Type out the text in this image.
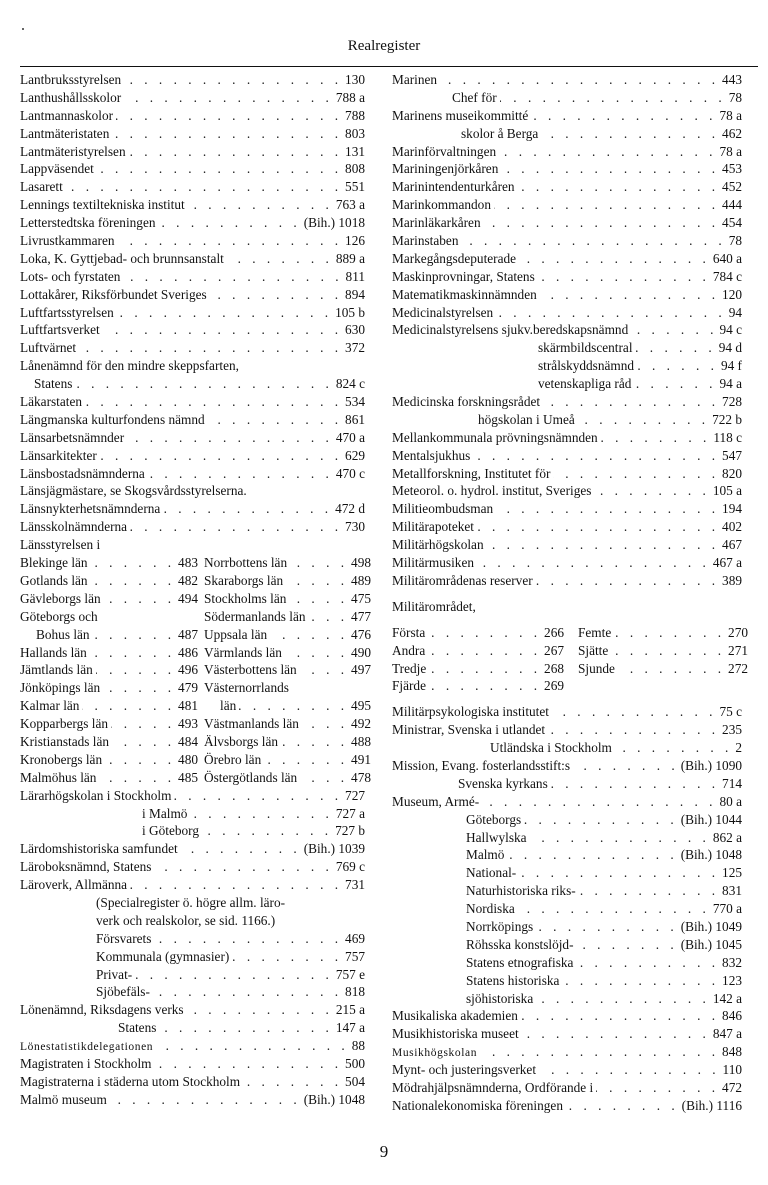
Realregister
Lantbruksstyrelsen . . .	130
Lanthushållsskolor . . .	788 a
Lantmannaskolor . . .	788
Lantmäteristaten . . .	803
Lantmäteristyrelsen . . .	131
Lappväsendet . . .	808
Lasarett . . .	551
Lennings textiltekniska institut . . .	763 a
Letterstedtska föreningen . . .	(Bih.) 1018
Livrustkammaren . . .	126
Loka, K. Gyttjebad- och brunnsanstalt . . .	889 a
Lots- och fyrstaten . . .	811
Lottakårer, Riksförbundet Sveriges . . .	894
Luftfartsstyrelsen . . .	105 b
Luftfartsverket . . .	630
Luftvärnet . . .	372
Lånenämnd för den mindre skeppsfarten,
Statens . . .	824 c
Läkarstaten . . .	534
Längmanska kulturfondens nämnd . . .	861
Länsarbetsnämnder . . .	470 a
Länsarkitekter . . .	629
Länsbostadsnämnderna . . .	470 c
Länsjägmästare, se Skogsvårdsstyrelserna.
Länsnykterhetsnämnderna . . .	472 d
Länsskolnämnderna . . .	730
Länsstyrelsen i
Blekinge län . . .	483
Gotlands län . . .	482
Gävleborgs län . . .	494
Göteborgs och
Bohus län . . .	487
Hallands län . . .	486
Jämtlands län . . .	496
Jönköpings län . . .	479
Kalmar län . . .	481
Kopparbergs län . . .	493
Kristianstads län . . .	484
Kronobergs län . . .	480
Malmöhus län . . .	485
Norrbottens län . . .	498
Skaraborgs län . . .	489
Stockholms län . . .	475
Södermanlands län . . .	477
Uppsala län . . .	476
Värmlands län . . .	490
Västerbottens län . . .	497
Västernorrlands
län . . .	495
Västmanlands län . . .	492
Älvsborgs län . . .	488
Örebro län . . .	491
Östergötlands län . . .	478
Lärarhögskolan i Stockholm . . .	727
i Malmö . . .	727 a
i Göteborg . . .	727 b
Lärdomshistoriska samfundet . . .	(Bih.) 1039
Läroboksnämnd, Statens . . .	769 c
Läroverk, Allmänna . . .	731
(Specialregister ö. högre allm. läro-
verk och realskolor, se sid. 1166.)
Försvarets . . .	469
Kommunala (gymnasier) . . .	757
Privat- . . .	757 e
Sjöbefäls- . . .	818
Lönenämnd, Riksdagens verks . . .	215 a
Statens . . .	147 a
Lönestatistikdelegationen . . .	88
Magistraten i Stockholm . . .	500
Magistraterna i städerna utom Stockholm . . .	504
Malmö museum . . .	(Bih.) 1048
Marinen . . .	443
Chef för . . .	78
Marinens museikommitté . . .	78 a
skolor å Berga . . .	462
Marinförvaltningen . . .	78 a
Mariningenjörkåren . . .	453
Marinintendenturkåren . . .	452
Marinkommandon . . .	444
Marinläkarkåren . . .	454
Marinstaben . . .	78
Markegångsdeputerade . . .	640 a
Maskinprovningar, Statens . . .	784 c
Matematikmaskinnämnden . . .	120
Medicinalstyrelsen . . .	94
Medicinalstyrelsens sjukv.beredskapsnämnd . . .	94 c
skärmbildscentral . . .	94 d
strålskyddsnämnd . . .	94 f
vetenskapliga råd . . .	94 a
Medicinska forskningsrådet . . .	728
högskolan i Umeå . . .	722 b
Mellankommunala prövningsnämnden . . .	118 c
Mentalsjukhus . . .	547
Metallforskning, Institutet för . . .	820
Meteorol. o. hydrol. institut, Sveriges . . .	105 a
Militieombudsman . . .	194
Militärapoteket . . .	402
Militärhögskolan . . .	467
Militärmusiken . . .	467 a
Militärområdenas reserver . . .	389
Militärområdet,
Första . . .	266
Andra . . .	267
Tredje . . .	268
Fjärde . . .	269
Femte . . .	270
Sjätte . . .	271
Sjunde . . .	272
Militärpsykologiska institutet . . .	75 c
Ministrar, Svenska i utlandet . . .	235
Utländska i Stockholm . . .	2
Mission, Evang. fosterlandsstift:s . . .	(Bih.) 1090
Svenska kyrkans . . .	714
Museum, Armé- . . .	80 a
Göteborgs . . .	(Bih.) 1044
Hallwylska . . .	862 a
Malmö . . .	(Bih.) 1048
National- . . .	125
Naturhistoriska riks- . . .	831
Nordiska . . .	770 a
Norrköpings . . .	(Bih.) 1049
Röhsska konstslöjd- . . .	(Bih.) 1045
Statens etnografiska . . .	832
Statens historiska . . .	123
sjöhistoriska . . .	142 a
Musikaliska akademien . . .	846
Musikhistoriska museet . . .	847 a
Musikhögskolan . . .	848
Mynt- och justeringsverket . . .	110
Mödrahjälpsnämnderna, Ordförande i . . .	472
Nationalekonomiska föreningen . . .	(Bih.) 1116
9
